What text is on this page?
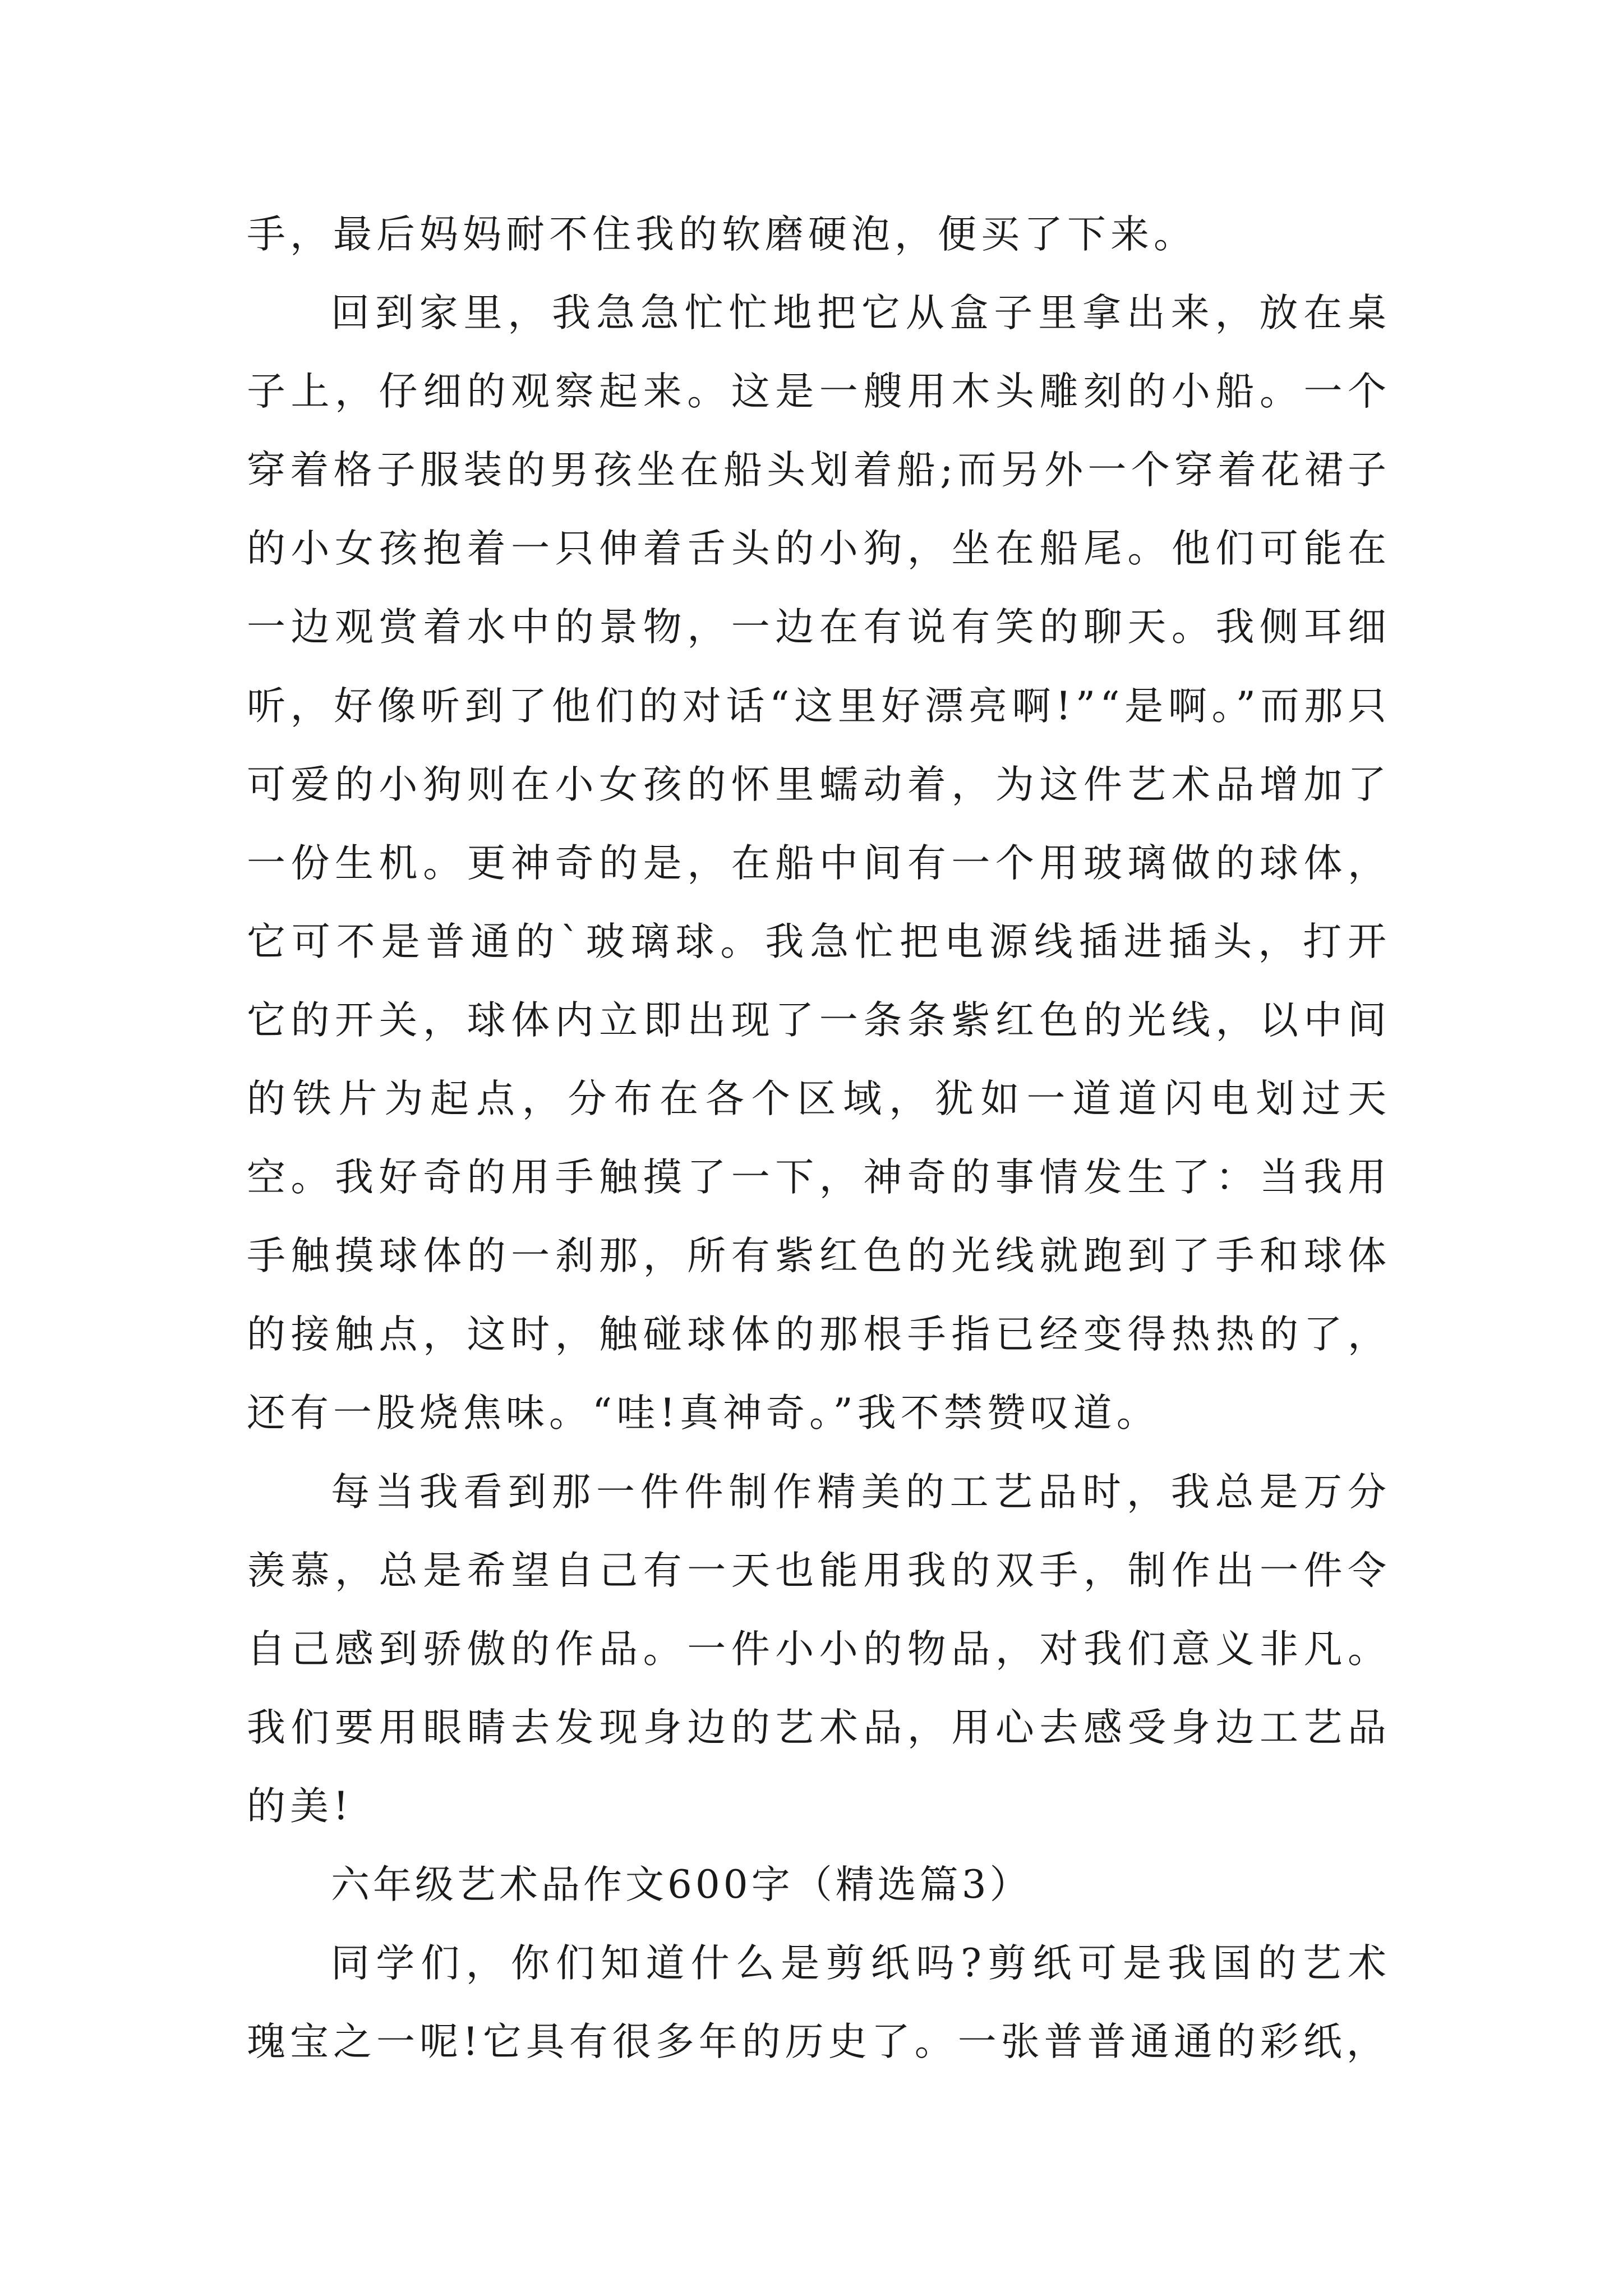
手，最后妈妈耐不住我的软磨硬泡，便买了下来。

回到家里，我急急忙忙地把它从盒子里拿出来，放在桌子上，仔细的观察起来。这是一艘用木头雕刻的小船。一个穿着格子服装的男孩坐在船头划着船;而另外一个穿着花裙子的小女孩抱着一只伸着舌头的小狗，坐在船尾。他们可能在一边观赏着水中的景物，一边在有说有笑的聊天。我侧耳细听，好像听到了他们的对话“这里好漂亮啊!”“是啊。”而那只可爱的小狗则在小女孩的怀里蠕动着，为这件艺术品增加了一份生机。更神奇的是，在船中间有一个用玻璃做的球体，它可不是普通的`玻璃球。我急忙把电源线插进插头，打开它的开关，球体内立即出现了一条条紫红色的光线，以中间的铁片为起点，分布在各个区域，犹如一道道闪电划过天空。我好奇的用手触摸了一下，神奇的事情发生了：当我用手触摸球体的一刹那，所有紫红色的光线就跑到了手和球体的接触点，这时，触碰球体的那根手指已经变得热热的了，还有一股烧焦味。“哇!真神奇。”我不禁赞叹道。

每当我看到那一件件制作精美的工艺品时，我总是万分羡慕，总是希望自己有一天也能用我的双手，制作出一件令自己感到骄傲的作品。一件小小的物品，对我们意义非凡。我们要用眼睛去发现身边的艺术品，用心去感受身边工艺品的美!

六年级艺术品作文600字（精选篇3）

同学们，你们知道什么是剪纸吗?剪纸可是我国的艺术瑰宝之一呢!它具有很多年的历史了。一张普普通通的彩纸，
